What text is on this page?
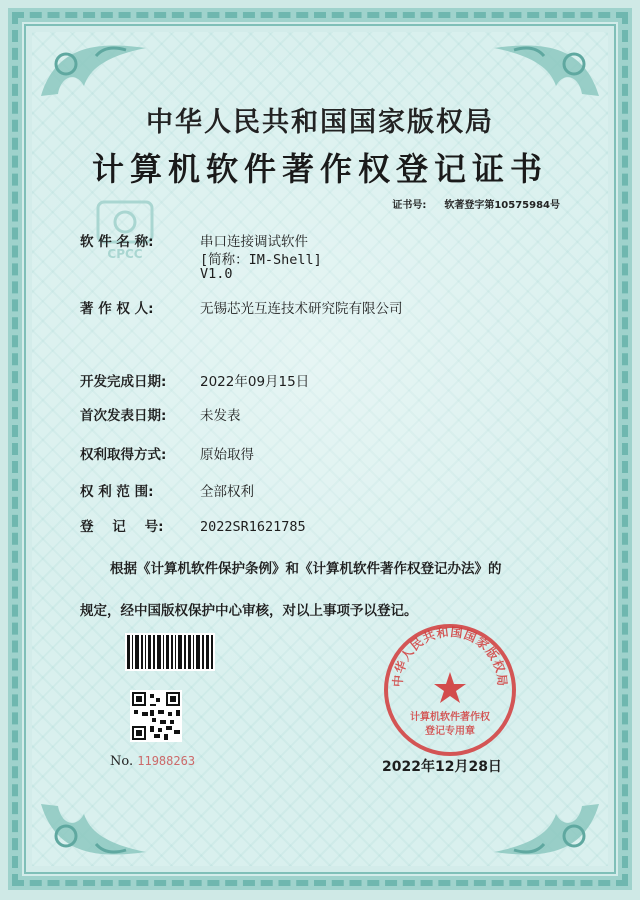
中华人民共和国国家版权局
计算机软件著作权登记证书
证书号: 软著登字第10575984号
CPCC
软 件 名 称:	串口连接调试软件
[简称：IM-Shell]
V1.0
著 作 权 人:	无锡芯光互连技术研究院有限公司
开发完成日期: 2022年09月15日
首次发表日期: 未发表
权利取得方式: 原始取得
权 利 范 围:	全部权利
登    记    号:	2022SR1621785
根据《计算机软件保护条例》和《计算机软件著作权登记办法》的
规定，经中国版权保护中心审核，对以上事项予以登记。
No. 11988263
中华人民共和国国家版权局
计算机软件著作权
登记专用章
2022年12月28日
